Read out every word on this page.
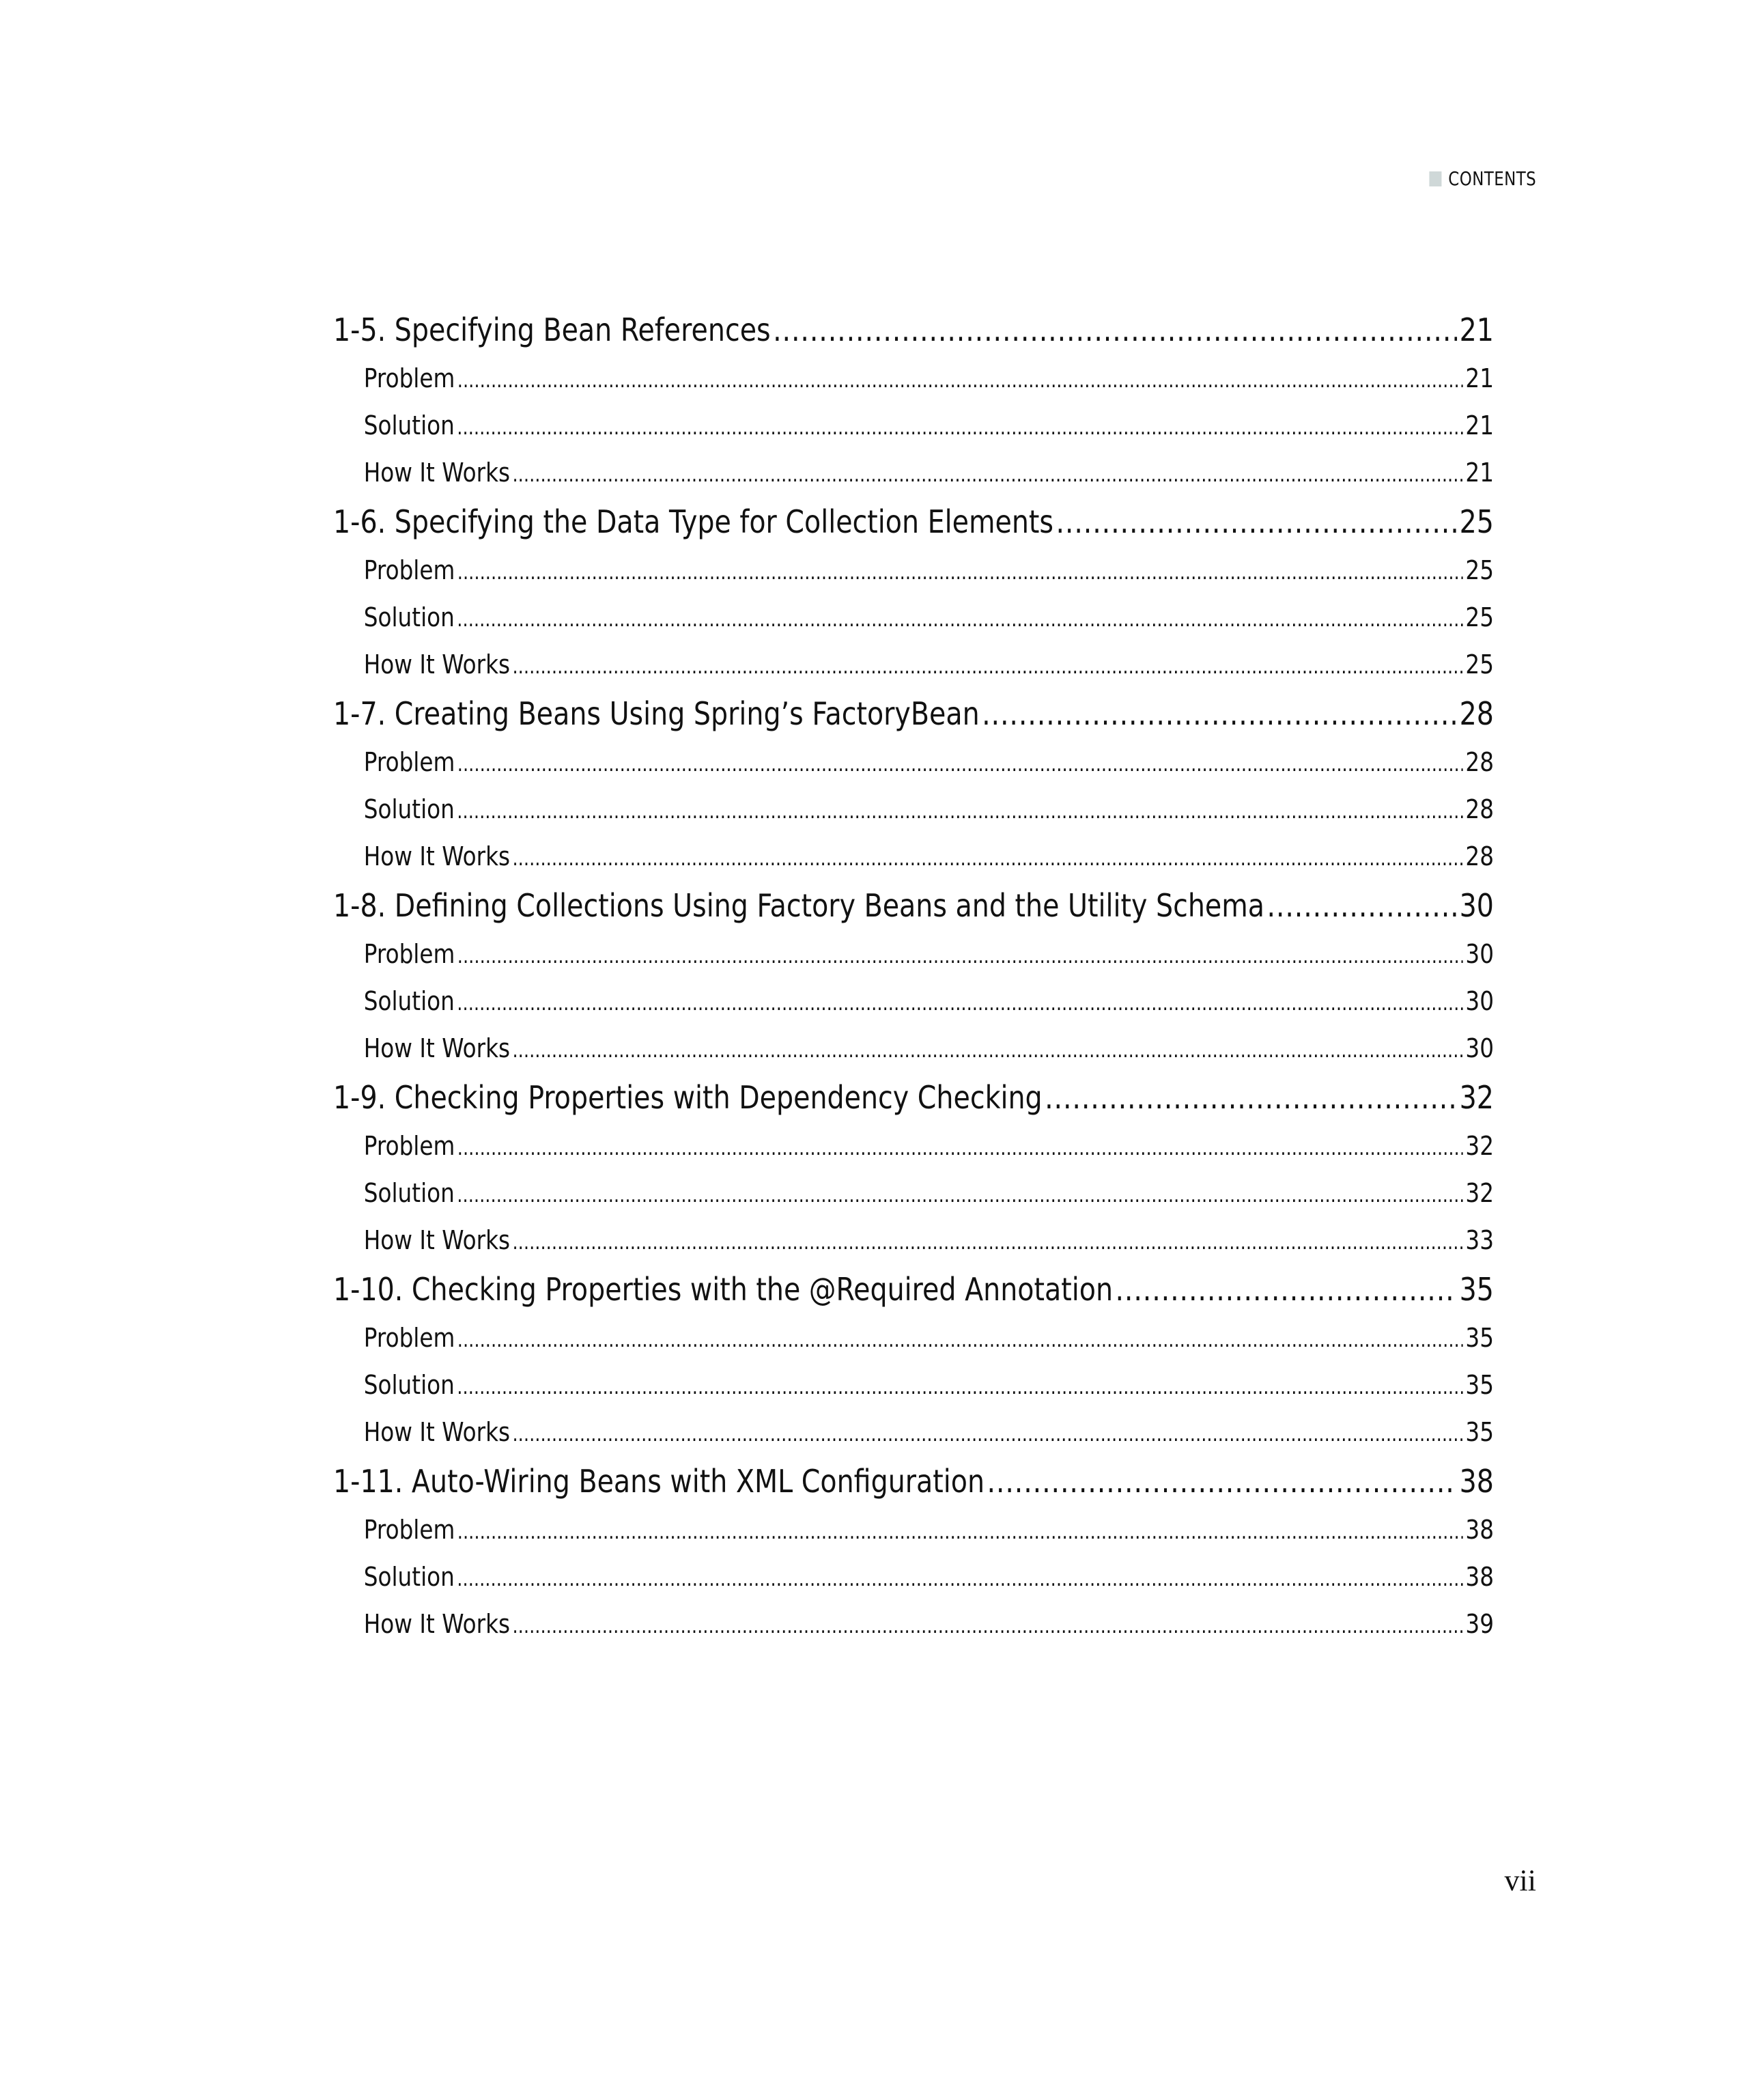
CONTENTS
1-5. Specifying Bean References .....	21
Problem .....	21
Solution .....	21
How It Works .....	21
1-6. Specifying the Data Type for Collection Elements .....	25
Problem .....	25
Solution .....	25
How It Works .....	25
1-7. Creating Beans Using Spring’s FactoryBean .....	28
Problem .....	28
Solution .....	28
How It Works .....	28
1-8. Defining Collections Using Factory Beans and the Utility Schema .....	30
Problem .....	30
Solution .....	30
How It Works .....	30
1-9. Checking Properties with Dependency Checking .....	32
Problem .....	32
Solution .....	32
How It Works .....	33
1-10. Checking Properties with the @Required Annotation .....	35
Problem .....	35
Solution .....	35
How It Works .....	35
1-11. Auto-Wiring Beans with XML Configuration .....	38
Problem .....	38
Solution .....	38
How It Works .....	39
vii
